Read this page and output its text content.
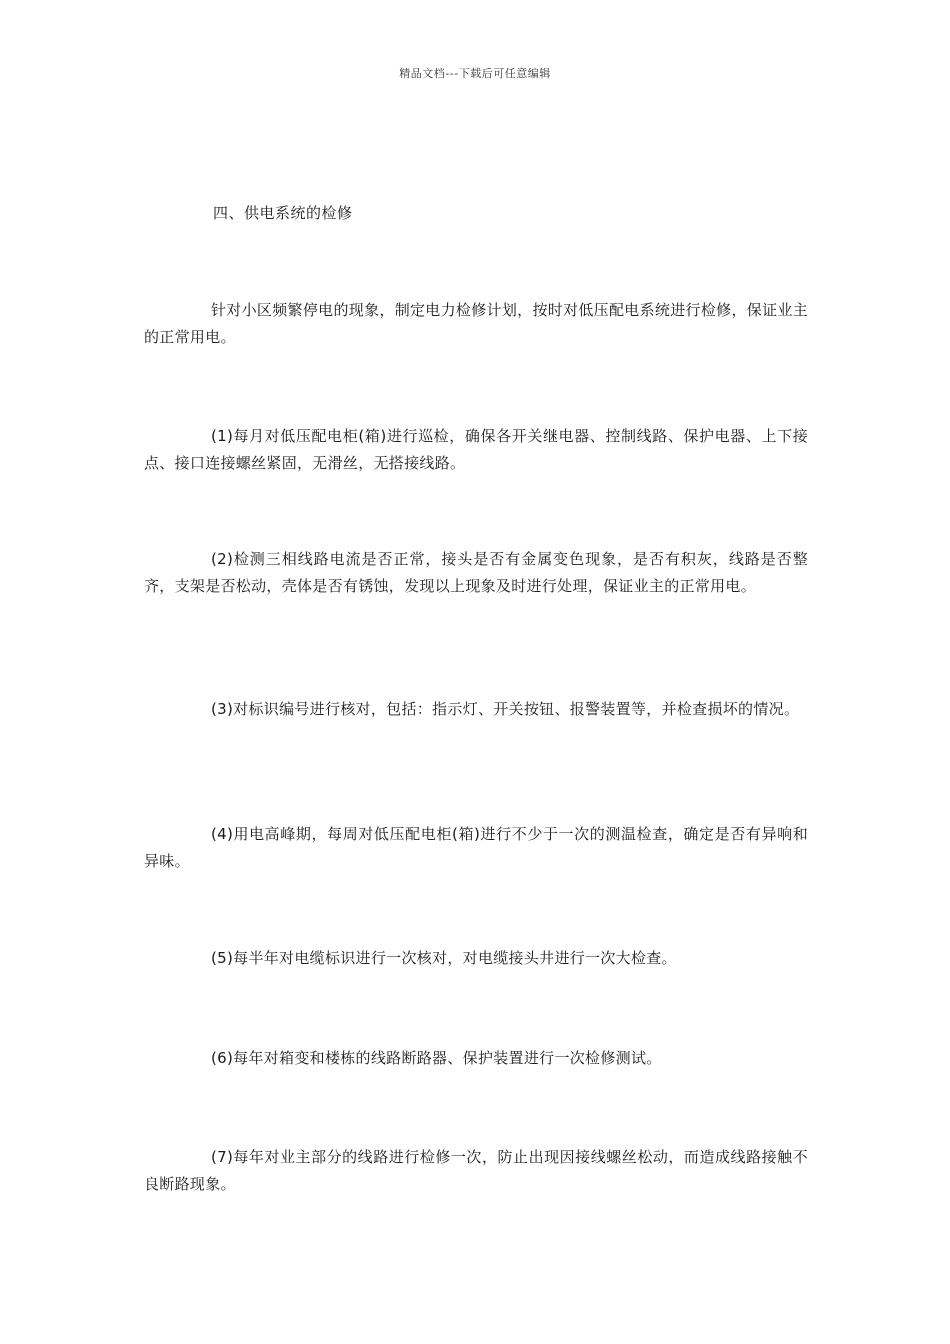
精品文档---下载后可任意编辑
四、供电系统的检修

针对小区频繁停电的现象，制定电力检修计划，按时对低压配电系统进行检修，保证业主的正常用电。

(1)每月对低压配电柜(箱)进行巡检，确保各开关继电器、控制线路、保护电器、上下接点、接口连接螺丝紧固，无滑丝，无搭接线路。

(2)检测三相线路电流是否正常，接头是否有金属变色现象，是否有积灰，线路是否整齐，支架是否松动，壳体是否有锈蚀，发现以上现象及时进行处理，保证业主的正常用电。

(3)对标识编号进行核对，包括：指示灯、开关按钮、报警装置等，并检查损坏的情况。

(4)用电高峰期，每周对低压配电柜(箱)进行不少于一次的测温检查，确定是否有异响和异味。

(5)每半年对电缆标识进行一次核对，对电缆接头井进行一次大检查。

(6)每年对箱变和楼栋的线路断路器、保护装置进行一次检修测试。

(7)每年对业主部分的线路进行检修一次，防止出现因接线螺丝松动，而造成线路接触不良断路现象。
